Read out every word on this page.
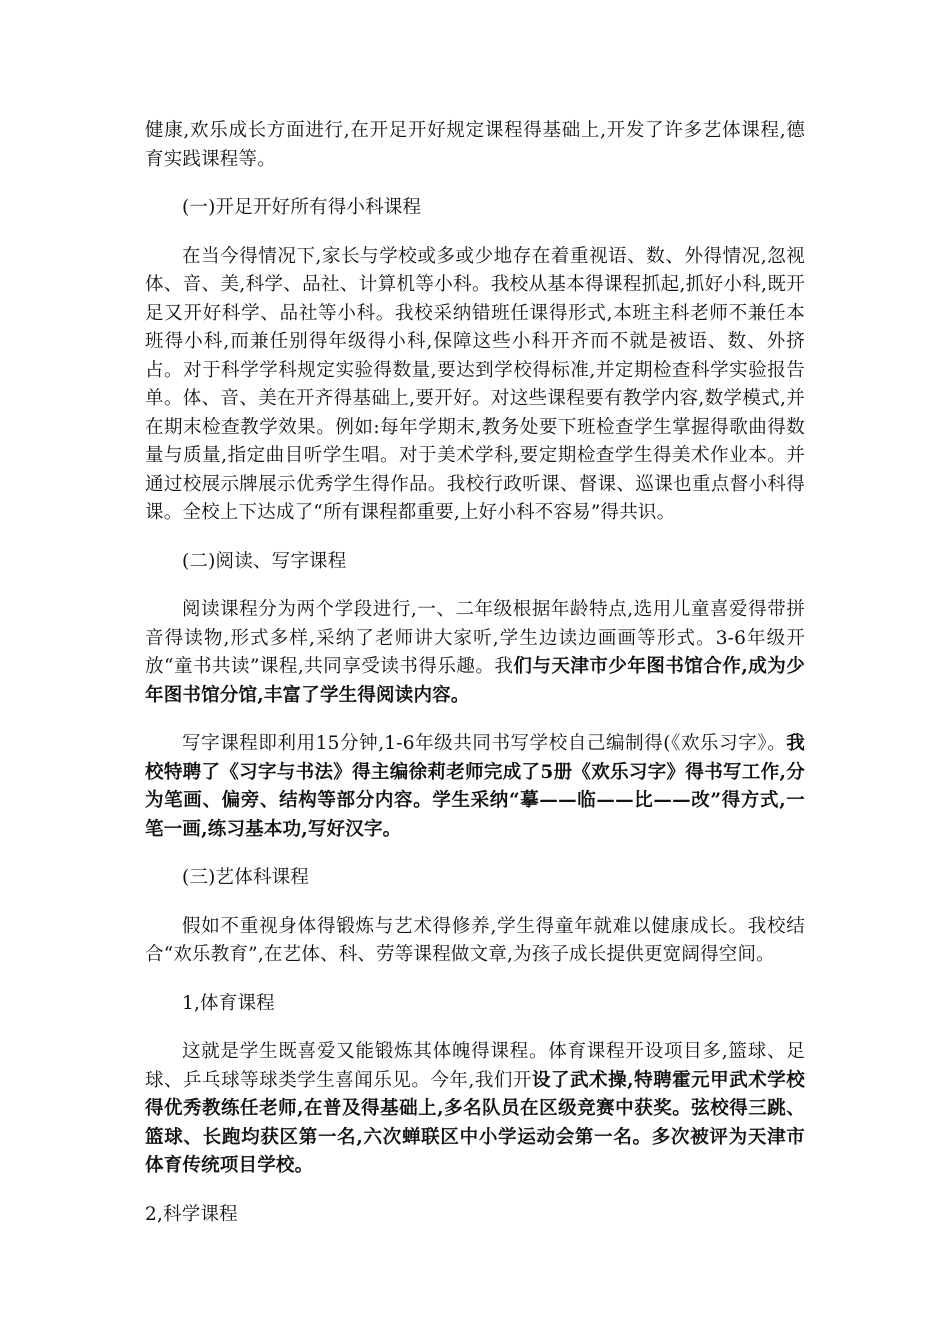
健康,欢乐成长方面进行,在开足开好规定课程得基础上,开发了许多艺体课程,德育实践课程等。

(一)开足开好所有得小科课程

在当今得情况下,家长与学校或多或少地存在着重视语、数、外得情况,忽视体、音、美,科学、品社、计算机等小科。我校从基本得课程抓起,抓好小科,既开足又开好科学、品社等小科。我校采纳错班任课得形式,本班主科老师不兼任本班得小科,而兼任别得年级得小科,保障这些小科开齐而不就是被语、数、外挤占。对于科学学科规定实验得数量,要达到学校得标准,并定期检查科学实验报告单。体、音、美在开齐得基础上,要开好。对这些课程要有教学内容,数学模式,并在期末检查教学效果。例如:每年学期末,教务处要下班检查学生掌握得歌曲得数量与质量,指定曲目听学生唱。对于美术学科,要定期检查学生得美术作业本。并通过校展示牌展示优秀学生得作品。我校行政听课、督课、巡课也重点督小科得课。全校上下达成了“所有课程都重要,上好小科不容易”得共识。

(二)阅读、写字课程

阅读课程分为两个学段进行,一、二年级根据年龄特点,选用儿童喜爱得带拼音得读物,形式多样,采纳了老师讲大家听,学生边读边画画等形式。3-6年级开放“童书共读”课程,共同享受读书得乐趣。我们与天津市少年图书馆合作,成为少年图书馆分馆,丰富了学生得阅读内容。

写字课程即利用15分钟,1-6年级共同书写学校自己编制得(《欢乐习字》。我校特聘了《习字与书法》得主编徐莉老师完成了5册《欢乐习字》得书写工作,分为笔画、偏旁、结构等部分内容。学生采纳“摹——临——比——改”得方式,一笔一画,练习基本功,写好汉字。

(三)艺体科课程

假如不重视身体得锻炼与艺术得修养,学生得童年就难以健康成长。我校结合“欢乐教育”,在艺体、科、劳等课程做文章,为孩子成长提供更宽阔得空间。

1,体育课程

这就是学生既喜爱又能锻炼其体魄得课程。体育课程开设项目多,篮球、足球、乒乓球等球类学生喜闻乐见。今年,我们开设了武术操,特聘霍元甲武术学校得优秀教练任老师,在普及得基础上,多名队员在区级竞赛中获奖。弦校得三跳、篮球、长跑均获区第一名,六次蝉联区中小学运动会第一名。多次被评为天津市体育传统项目学校。

2,科学课程
